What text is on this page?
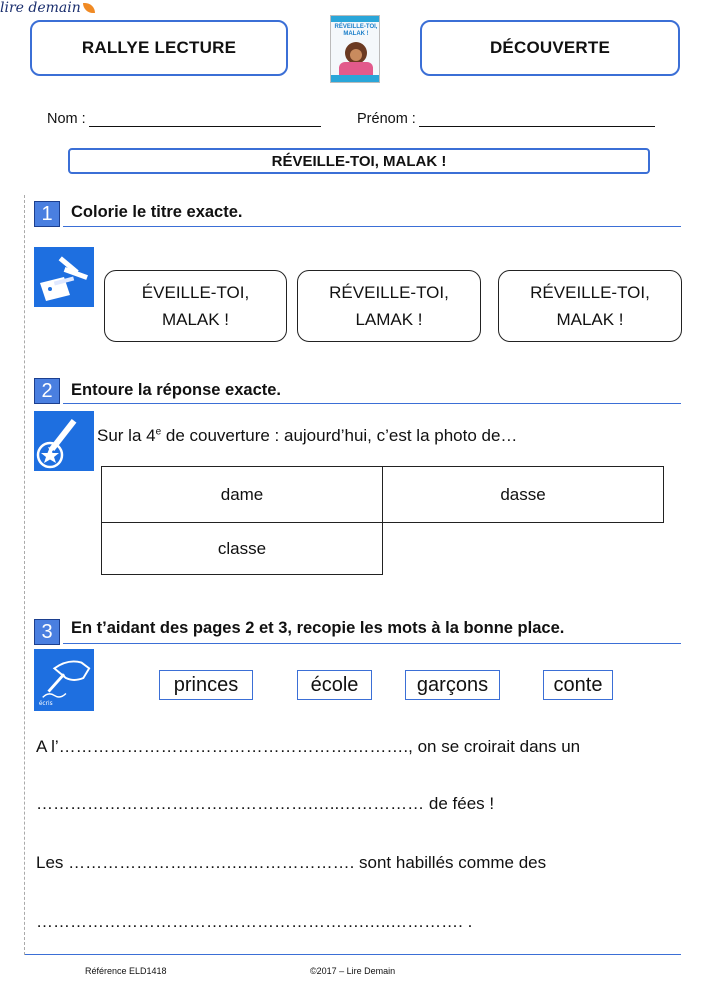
RALLYE LECTURE
RÉVEILLE-TOI, MALAK !
DÉCOUVERTE
Nom :	Prénom :
RÉVEILLE-TOI, MALAK !
1	Colorie le titre exacte.
ÉVEILLE-TOI,
MALAK !
RÉVEILLE-TOI,
LAMAK !
RÉVEILLE-TOI,
MALAK !
2	Entoure la réponse exacte.
Sur la 4e de couverture : aujourd’hui, c’est la photo de…
dame	dasse
classe	
3	En t’aidant des pages 2 et 3, recopie les mots à la bonne place.
écris
princes	école	garçons	conte
A l’…………………………………………….………., on se croirait dans un
………………………………………….…..…………… de fées !
Les ……………………….….………………. sont habillés comme des
………………………………………………….…..…………. .
Référence ELD1418	©2017 – Lire Demain
lire demain
